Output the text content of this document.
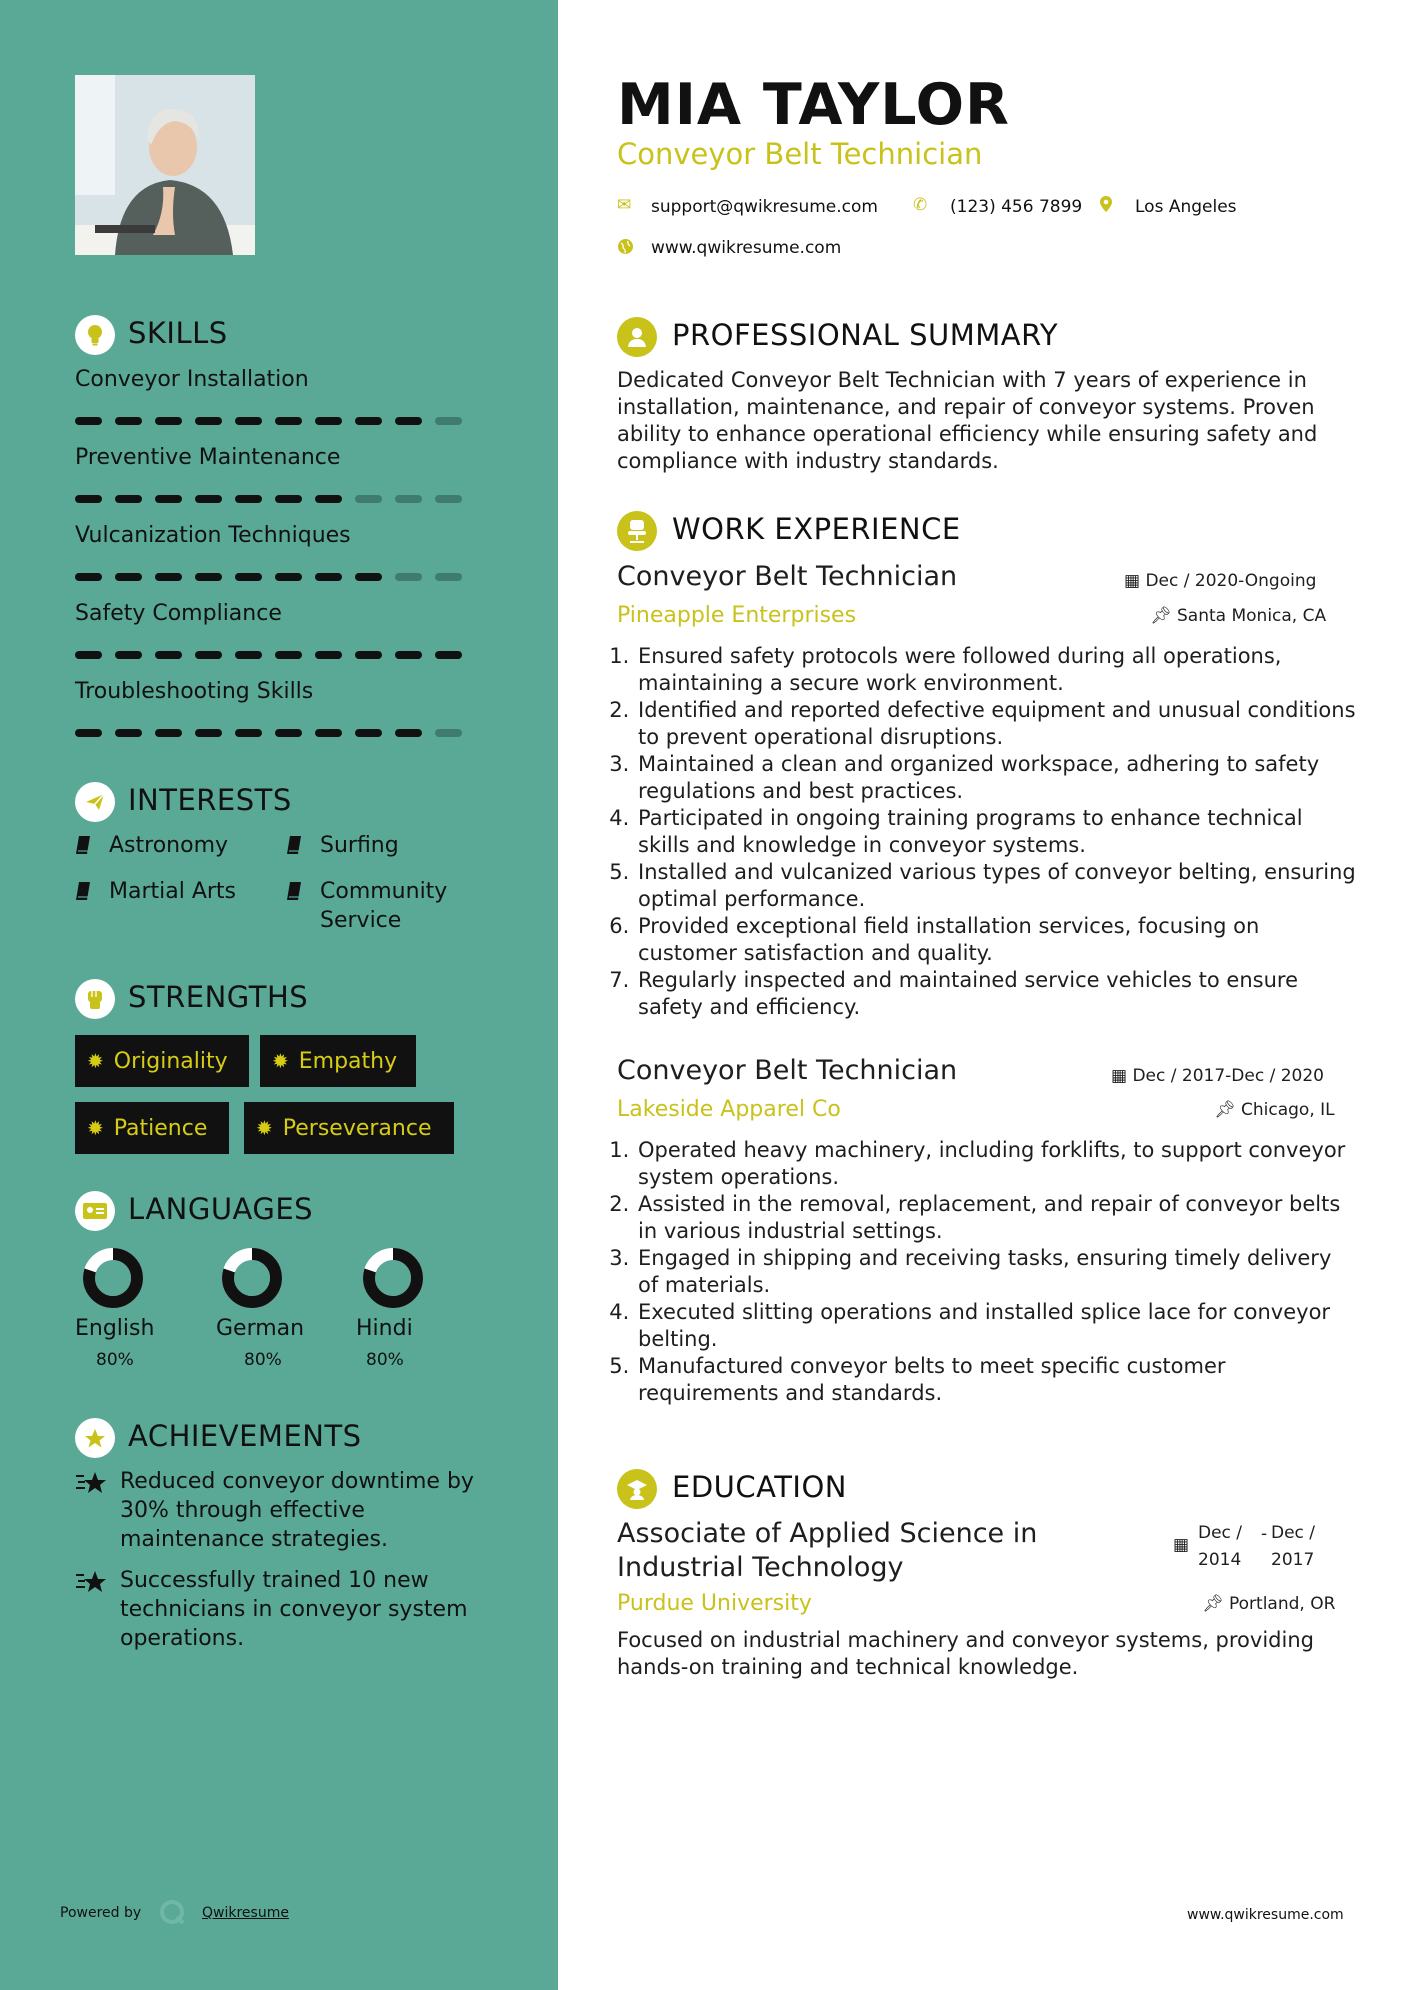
SKILLS
Conveyor Installation
Preventive Maintenance
Vulcanization Techniques
Safety Compliance
Troubleshooting Skills
INTERESTS
Astronomy	Surfing
Martial Arts	Community Service
STRENGTHS
✹ Originality ✹ Empathy
✹ Patience ✹ Perseverance
LANGUAGES
English
80%
German
80%
Hindi
80%
ACHIEVEMENTS
Reduced conveyor downtime by 30% through effective maintenance strategies.
Successfully trained 10 new technicians in conveyor system operations.
Powered by	Qwikresume
MIA TAYLOR
Conveyor Belt Technician
✉ support@qwikresume.com ✆ (123) 456 7899	Los Angeles
www.qwikresume.com
PROFESSIONAL SUMMARY
Dedicated Conveyor Belt Technician with 7 years of experience in installation, maintenance, and repair of conveyor systems. Proven ability to enhance operational efficiency while ensuring safety and compliance with industry standards.
WORK EXPERIENCE
Conveyor Belt Technician	▦ Dec / 2020-Ongoing
Pineapple Enterprises	📌︎ Santa Monica, CA
1. Ensured safety protocols were followed during all operations, maintaining a secure work environment.
2. Identified and reported defective equipment and unusual conditions to prevent operational disruptions.
3. Maintained a clean and organized workspace, adhering to safety regulations and best practices.
4. Participated in ongoing training programs to enhance technical skills and knowledge in conveyor systems.
5. Installed and vulcanized various types of conveyor belting, ensuring optimal performance.
6. Provided exceptional field installation services, focusing on customer satisfaction and quality.
7. Regularly inspected and maintained service vehicles to ensure safety and efficiency.
Conveyor Belt Technician	▦ Dec / 2017-Dec / 2020
Lakeside Apparel Co	📌︎ Chicago, IL
1. Operated heavy machinery, including forklifts, to support conveyor system operations.
2. Assisted in the removal, replacement, and repair of conveyor belts in various industrial settings.
3. Engaged in shipping and receiving tasks, ensuring timely delivery of materials.
4. Executed slitting operations and installed splice lace for conveyor belting.
5. Manufactured conveyor belts to meet specific customer requirements and standards.
EDUCATION
Associate of Applied Science in Industrial Technology
▦
Dec / 2014
- Dec / 2017
Purdue University	📌︎ Portland, OR
Focused on industrial machinery and conveyor systems, providing hands-on training and technical knowledge.
www.qwikresume.com
